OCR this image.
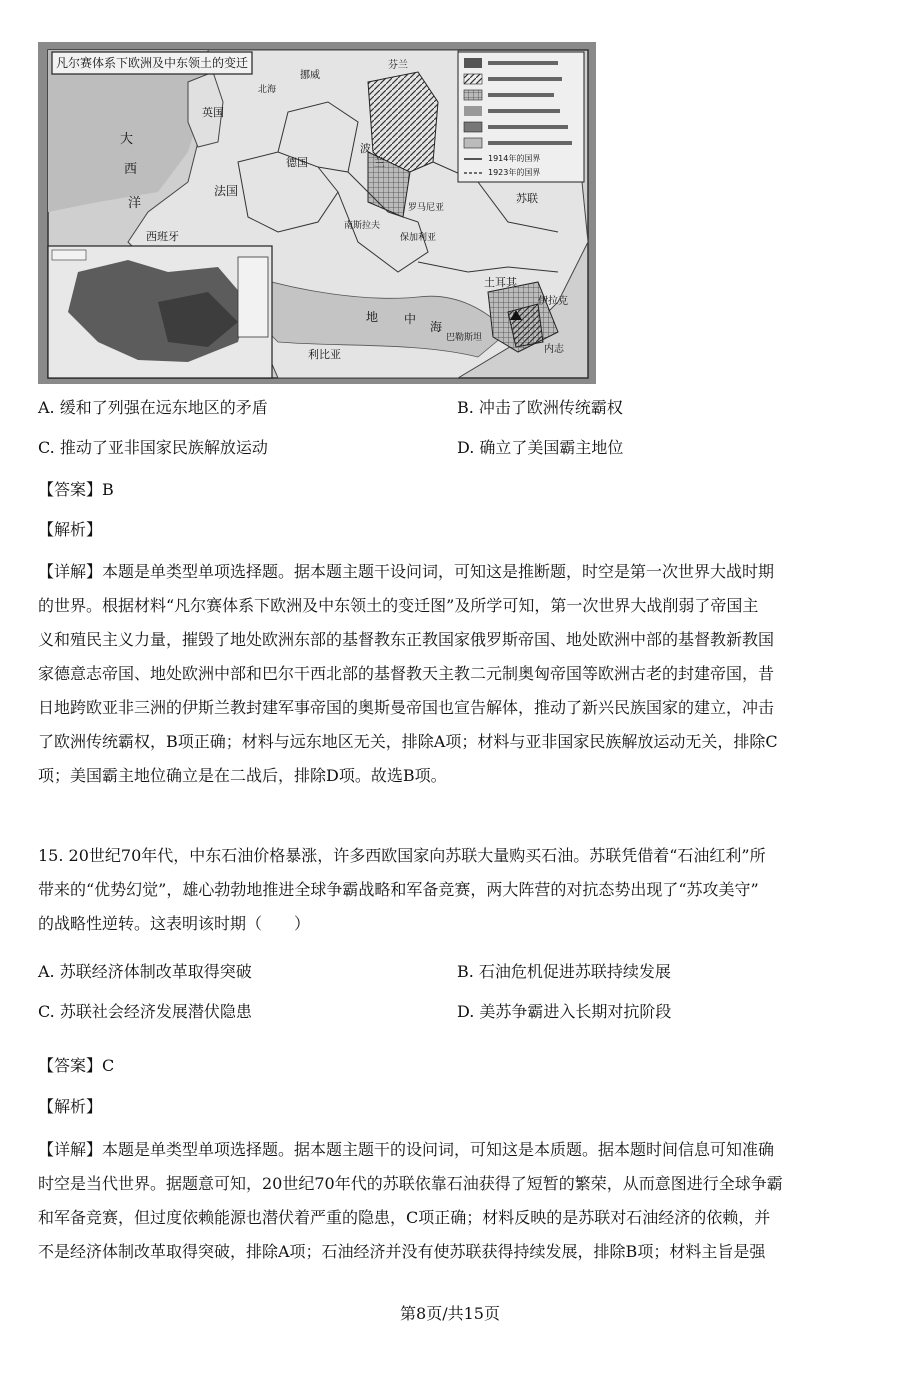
凡尔赛体系下欧洲及中东领土的变迁
大
西
洋
法国
德国
西班牙
苏联
土耳其
罗马尼亚
南斯拉夫
保加利亚
利比亚
伊拉克
巴勒斯坦
内志
地 中
海
波
兰
挪威
芬兰
英国
北海
1914年的国界
1923年的国界
A. 缓和了列强在远东地区的矛盾	B. 冲击了欧洲传统霸权
C. 推动了亚非国家民族解放运动	D. 确立了美国霸主地位
【答案】B
【解析】
【详解】本题是单类型单项选择题。据本题主题干设问词，可知这是推断题，时空是第一次世界大战时期
的世界。根据材料“凡尔赛体系下欧洲及中东领土的变迁图”及所学可知，第一次世界大战削弱了帝国主
义和殖民主义力量，摧毁了地处欧洲东部的基督教东正教国家俄罗斯帝国、地处欧洲中部的基督教新教国
家德意志帝国、地处欧洲中部和巴尔干西北部的基督教天主教二元制奥匈帝国等欧洲古老的封建帝国，昔
日地跨欧亚非三洲的伊斯兰教封建军事帝国的奥斯曼帝国也宣告解体，推动了新兴民族国家的建立，冲击
了欧洲传统霸权，B项正确；材料与远东地区无关，排除A项；材料与亚非国家民族解放运动无关，排除C
项；美国霸主地位确立是在二战后，排除D项。故选B项。
15. 20世纪70年代，中东石油价格暴涨，许多西欧国家向苏联大量购买石油。苏联凭借着“石油红利”所
带来的“优势幻觉”，雄心勃勃地推进全球争霸战略和军备竞赛，两大阵营的对抗态势出现了“苏攻美守”
的战略性逆转。这表明该时期（　　）
A. 苏联经济体制改革取得突破	B. 石油危机促进苏联持续发展
C. 苏联社会经济发展潜伏隐患	D. 美苏争霸进入长期对抗阶段
【答案】C
【解析】
【详解】本题是单类型单项选择题。据本题主题干的设问词，可知这是本质题。据本题时间信息可知准确
时空是当代世界。据题意可知，20世纪70年代的苏联依靠石油获得了短暂的繁荣，从而意图进行全球争霸
和军备竞赛，但过度依赖能源也潜伏着严重的隐患，C项正确；材料反映的是苏联对石油经济的依赖，并
不是经济体制改革取得突破，排除A项；石油经济并没有使苏联获得持续发展，排除B项；材料主旨是强
第8页/共15页
